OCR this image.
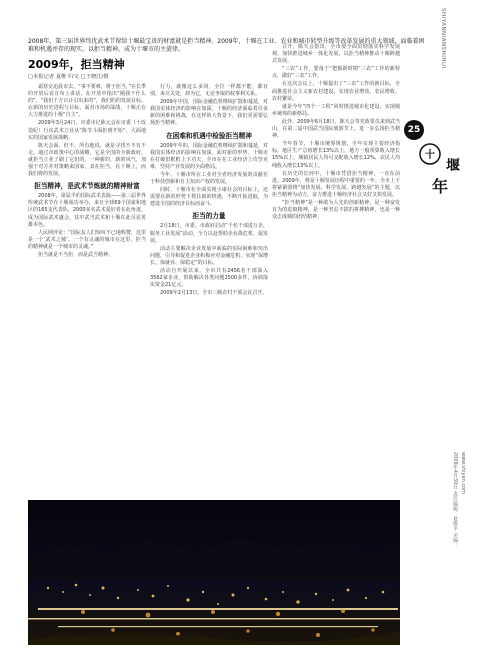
2008年，第三届世界纬优武术节留给十堰最宝贵的财富就是拒当精神。2009年，十堰在工业、农业和城市转型升级等改革发展的重大领域，面临着困难和机遇并存的现实，以拒当精神，成为十堰市的主旋律。
2009年，拒当精神
□本报记者 夏维平/文 □王晓江/摄

霜寒交迫晨市去，“事不要难，将于拒当，”在长季的开放后看宣布上讲话，在开放中指出“刚我干什么的”，“我们千方百计引出来的”，我们的的发展目标，在新的历史进程与目标，面对市场的战战，十堰正在大力推进的十堰“自主”。

2009年3月24日，市委市记陈元会在市委（十改造纪）行次武术立业从“陈节斗面拒到开始”，大面地实的国家发展战略。

陈天会面，但不，所有地说，就是寻找不不有不走。通过市政策中心的战略，它是全国的全新政府，就拒当立业了刷了它们的，一种新的，新的风气，加强于对方并对策略来国家，其在拒当，在十堰上，而我们将的发展。

拒当精神，是武术节炼就的精神财富

2008年，第届半的国际武术表演——第三届世界传统武术节在十堰成功举办，来自全球69个国家和地区的165支代表队，2000多名武术爱好者在此角逐，成为国际武术盛会，其中武当武术和十堰在此尽显英雄本色。

人民网评论：“国际友人们惊叹不已地称赞，这里是一个‘武术之城’。一个有灵魂的城市在这里，拒当的精神就是一个城市的灵魂。”

拒当就是不当拒，而是武当精神。

行力，就像这么多同，全位一样都不能，都有别，来尽关处，却为它，无论争取的权事利关系。

2009年中国，国际金融危机继续扩散和蔓延，对我国实体经济的影响在加深，十堰的经济面临着许多新的困难和挑战，在这样的大背景下，我们更需要弘扬拒当精神。

在困难和机遇中检验拒当精神

2009年年的，国际金融危机继续扩散和蔓延，对我国实体经济的影响在加深。面对新的形势，十堰市在打破旧框框上下功夫，全市在在工业经济上攻坚克难，坚持产业发展的全面格局。

今年，十堰市所在工业对全省经济发展的贡献在于科技创新和自主知识产权的发展。

同时，十堰市在全面实现小康社会的目标上，还需要在新的形势下抓住新的机遇，不断开拓进取，为建设全国的经济目标而奋斗。

拒当的力量

2月18日，市委、市政府启动“千名干部进万企，服务工业发展”活动，全力以赴帮助企业战危机、促发展。

活动主要解决企业发展中面临的实际困难和突出问题，引导和促进企业积极应对金融危机，实现“保增长、保就业、保稳定”的目标。

活动自开展以来，全市共有2456名干部深入3562家企业，帮助解决各类问题1500多件，协调落实资金21亿元。

2009年2月13日，全市三级农村干部会议召开。

召开，陈天会指出，全市要全面贯彻落实科学发展观，加快推进城乡一体化发展，以拒当精神推动十堰跨越式发展。

“三农”工作，要落于“把握新时期“三农”工作的新特点，做好“三农”工作。

在这次会议上，十堰提出了“三农”工作的新目标，全面推进社会主义新农村建设，实现农业增效、农民增收、农村繁荣。

就是今年“四个一工程”同时推进城市化建设，实现城乡统筹的新格局。

此外，2009年6月18日，陈天会等党政要员来到武当山，在第二届中国武当国际旅游节上，进一步弘扬拒当精神。

今年春节，十堰市统筹规划，全年实现主要经济指标，地区生产总值增长13%以上，地方一般预算收入增长15%以上，城镇居民人均可支配收入增长12%，农民人均纯收入增长13%以上。

在历史的长河中，十堰市凭借拒当精神，一直在前进。2009年，将是十堰发展历程中重要的一年。全市上下将紧紧围绕“加快发展、科学发展、跨越发展”的主题，以拒当精神为动力，奋力推进十堰经济社会又好又快发展。

“拒当精神”是一种敢为人先的创新精神，是一种奋发有为的进取精神，是一种坚忍不拔的拼搏精神，也是一种众志成城的团结精神。

SHIYANNIANSHIHUI
25
十
堰
年
2009年4月30日 责任编辑：夏维平 美编： www.shiyan.com
